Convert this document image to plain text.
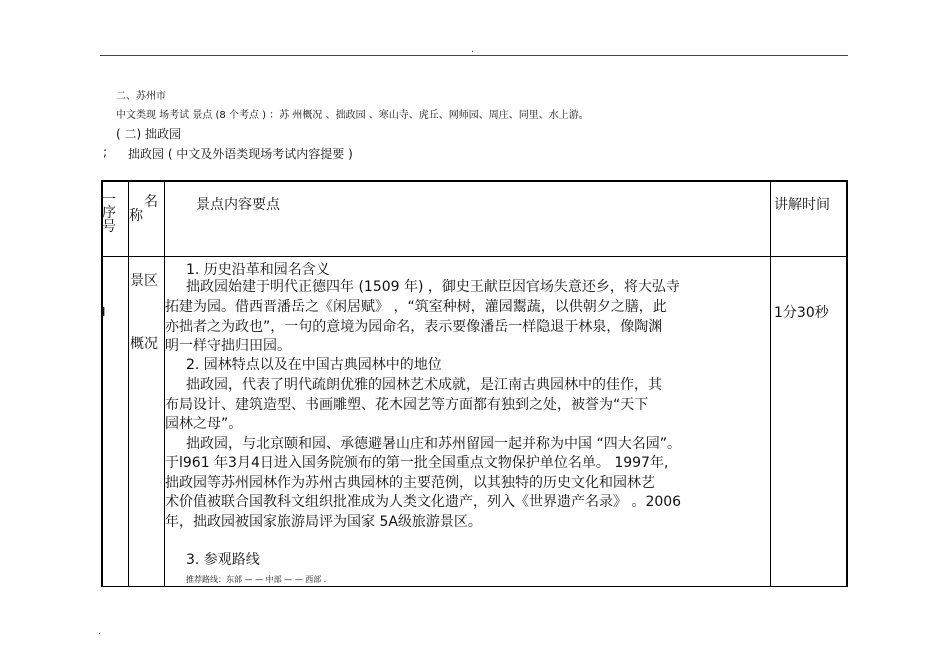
.
二、苏州市
中文类现 场考试 景点 (8 个考点 ) ：苏 州概况 、拙政园 、寒山寺、虎丘、网师园、周庄、同里、水上游。
( 二) 拙政园
; 拙政园 ( 中文及外语类现场考试内容提要 )
一
序
号
名
称
景点内容要点	讲解时间
I
景区
概况
1分30秒
1. 历史沿革和园名含义
拙政园始建于明代正德四年 (1509 年) ，御史王献臣因官场失意还乡，将大弘寺
拓建为园。借西晋潘岳之《闲居赋》 ，“筑室种树，灌园鬻蔬，以供朝夕之膳，此
亦拙者之为政也”，一句的意境为园命名，表示要像潘岳一样隐退于林泉，像陶渊
明一样守拙归田园。
2. 园林特点以及在中国古典园林中的地位
拙政园，代表了明代疏朗优雅的园林艺术成就，是江南古典园林中的佳作，其
布局设计、建筑造型、书画雕塑、花木园艺等方面都有独到之处，被誉为“天下
园林之母”。
拙政园，与北京颐和园、承德避暑山庄和苏州留园一起并称为中国 “四大名园”。
于l961 年3月4日进入国务院颁布的第一批全国重点文物保护单位名单。 1997年,
拙政园等苏州园林作为苏州古典园林的主要范例，以其独特的历史文化和园林艺
术价值被联合国教科文组织批准成为人类文化遗产，列入《世界遗产名录》 。2006
年，拙政园被国家旅游局评为国家 5A级旅游景区。
3. 参观路线
推荐路线：东部 — — 中部 — — 西部 .
.
